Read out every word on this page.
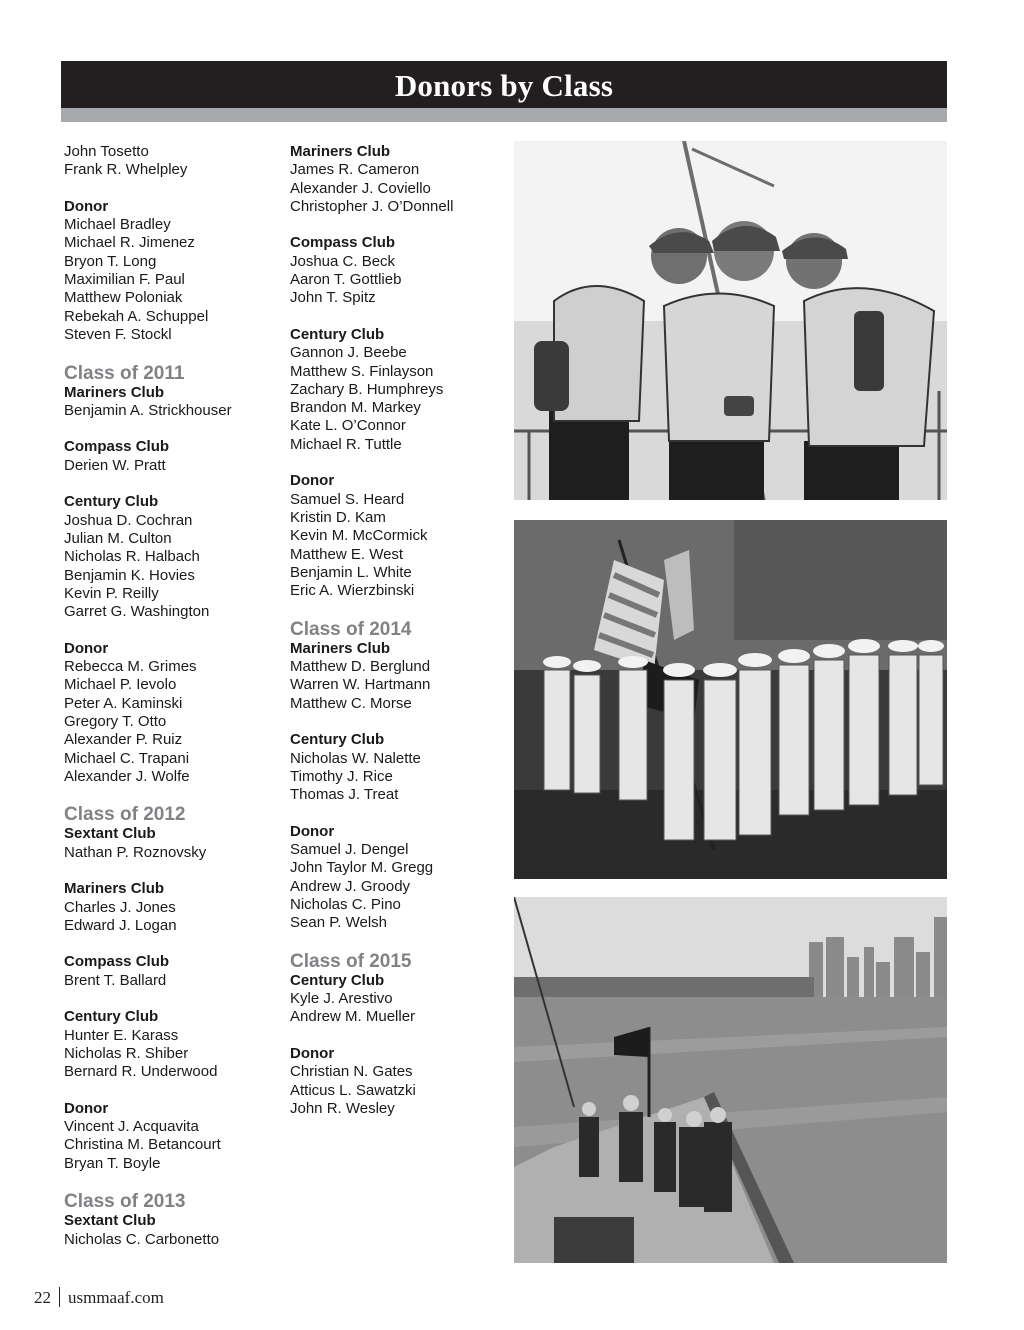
Donors by Class
John Tosetto
Frank R. Whelpley
Donor
Michael Bradley
Michael R. Jimenez
Bryon T. Long
Maximilian F. Paul
Matthew Poloniak
Rebekah A. Schuppel
Steven F. Stockl
Class of 2011
Mariners Club
Benjamin A. Strickhouser
Compass Club
Derien W. Pratt
Century Club
Joshua D. Cochran
Julian M. Culton
Nicholas R. Halbach
Benjamin K. Hovies
Kevin P. Reilly
Garret G. Washington
Donor
Rebecca M. Grimes
Michael P. Ievolo
Peter A. Kaminski
Gregory T. Otto
Alexander P. Ruiz
Michael C. Trapani
Alexander J. Wolfe
Class of 2012
Sextant Club
Nathan P. Roznovsky
Mariners Club
Charles J. Jones
Edward J. Logan
Compass Club
Brent T. Ballard
Century Club
Hunter E. Karass
Nicholas R. Shiber
Bernard R. Underwood
Donor
Vincent J. Acquavita
Christina M. Betancourt
Bryan T. Boyle
Class of 2013
Sextant Club
Nicholas C. Carbonetto
Mariners Club
James R. Cameron
Alexander J. Coviello
Christopher J. O’Donnell
Compass Club
Joshua C. Beck
Aaron T. Gottlieb
John T. Spitz
Century Club
Gannon J. Beebe
Matthew S. Finlayson
Zachary B. Humphreys
Brandon M. Markey
Kate L. O’Connor
Michael R. Tuttle
Donor
Samuel S. Heard
Kristin D. Kam
Kevin M. McCormick
Matthew E. West
Benjamin L. White
Eric A. Wierzbinski
Class of 2014
Mariners Club
Matthew D. Berglund
Warren W. Hartmann
Matthew C. Morse
Century Club
Nicholas W. Nalette
Timothy J. Rice
Thomas J. Treat
Donor
Samuel J. Dengel
John Taylor M. Gregg
Andrew J. Groody
Nicholas C. Pino
Sean P. Welsh
Class of 2015
Century Club
Kyle J. Arestivo
Andrew M. Mueller
Donor
Christian N. Gates
Atticus L. Sawatzki
John R. Wesley
22 usmmaaf.com
